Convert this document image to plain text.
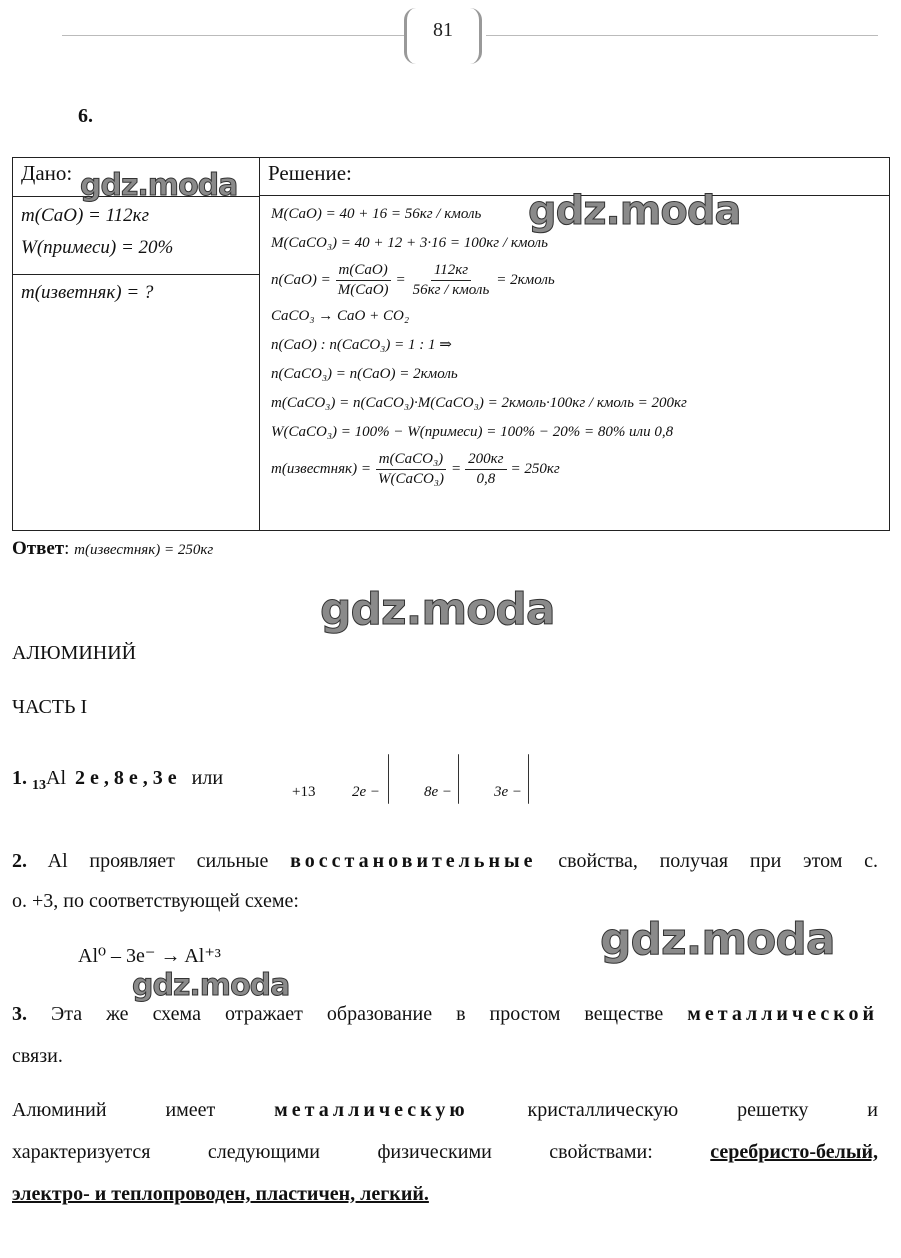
81
6.
Дано:
m(CaO) = 112кг
W(примеси) = 20%
m(изветняк) = ?

Решение:
M(CaO) = 40 + 16 = 56кг / кмоль
M(CaCO₃) = 40 + 12 + 3·16 = 100кг / кмоль
$n(CaO) = \frac{\text{m(CaO)}}{\text{M(CaO)}} = \frac{112кг}{\text{56кг / кмоль}}$ = 2кмоль
CaCO₃ → CaO + CO₂
n(CaO) : n(CaCO₃) = 1 : 1 ⇒
n(CaCO₃) = n(CaO) = 2кмоль
m(CaCO₃) = n(CaCO₃)·M(CaCO₃) = 2кмоль·100кг / кмоль = 200кг
W(CaCO₃) = 100% − W(примеси) = 100% − 20% = 80% или 0,8
m(известняк) = $\frac{\text{m(CaCO₃)}}{\text{W(CaCO₃)}} = \frac{200кг}{0,8} = 250кг$
Ответ: m(известняк) = 250кг
АЛЮМИНИЙ
ЧАСТЬ I
1. $_{13}$Al 2 е , 8 е , 3 е или
+13 2e −	8e −	3e −
2. Al проявляет сильные восстановительные свойства, получая при этом с.
о. +3, по соответствующей схеме:
Al⁰ – 3e⁻ → Al⁺³
3. Эта же схема отражает образование в простом веществе металлической
связи.
Алюминий	имеет	металлическую	кристаллическую	решетку	и
характеризуется следующими физическими свойствами:	серебристо-белый,
электро- и теплопроводен, пластичен, легкий.
gdz.moda
gdz.moda
gdz.moda
gdz.moda
gdz.moda
